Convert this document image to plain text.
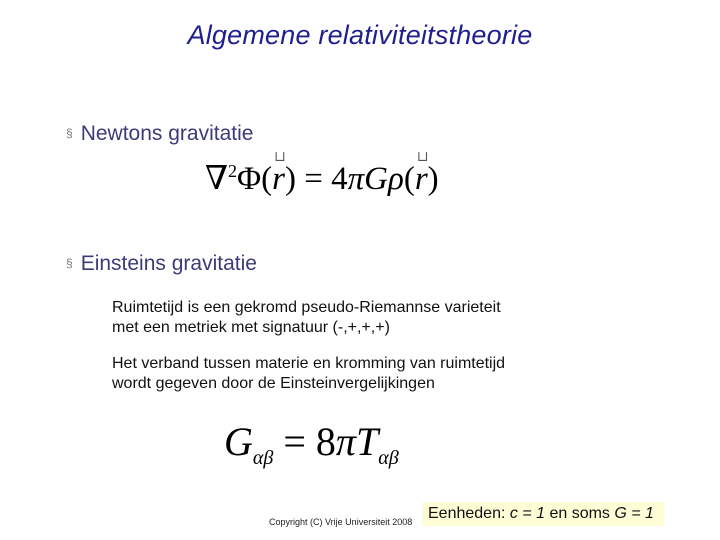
Algemene relativiteitstheorie
§ Newtons gravitatie
∇$^2$Φ(
⊔
r) = 4πGρ(
⊔
r)
§ Einsteins gravitatie
Ruimtetijd is een gekromd pseudo-Riemannse varieteit
met een metriek met signatuur (-,+,+,+)
Het verband tussen materie en kromming van ruimtetijd
wordt gegeven door de Einsteinvergelijkingen
$G_{\alpha\beta} = 8\pi T_{\alpha\beta}$
Eenheden: c = 1 en soms G = 1
Copyright (C) Vrije Universiteit 2008
